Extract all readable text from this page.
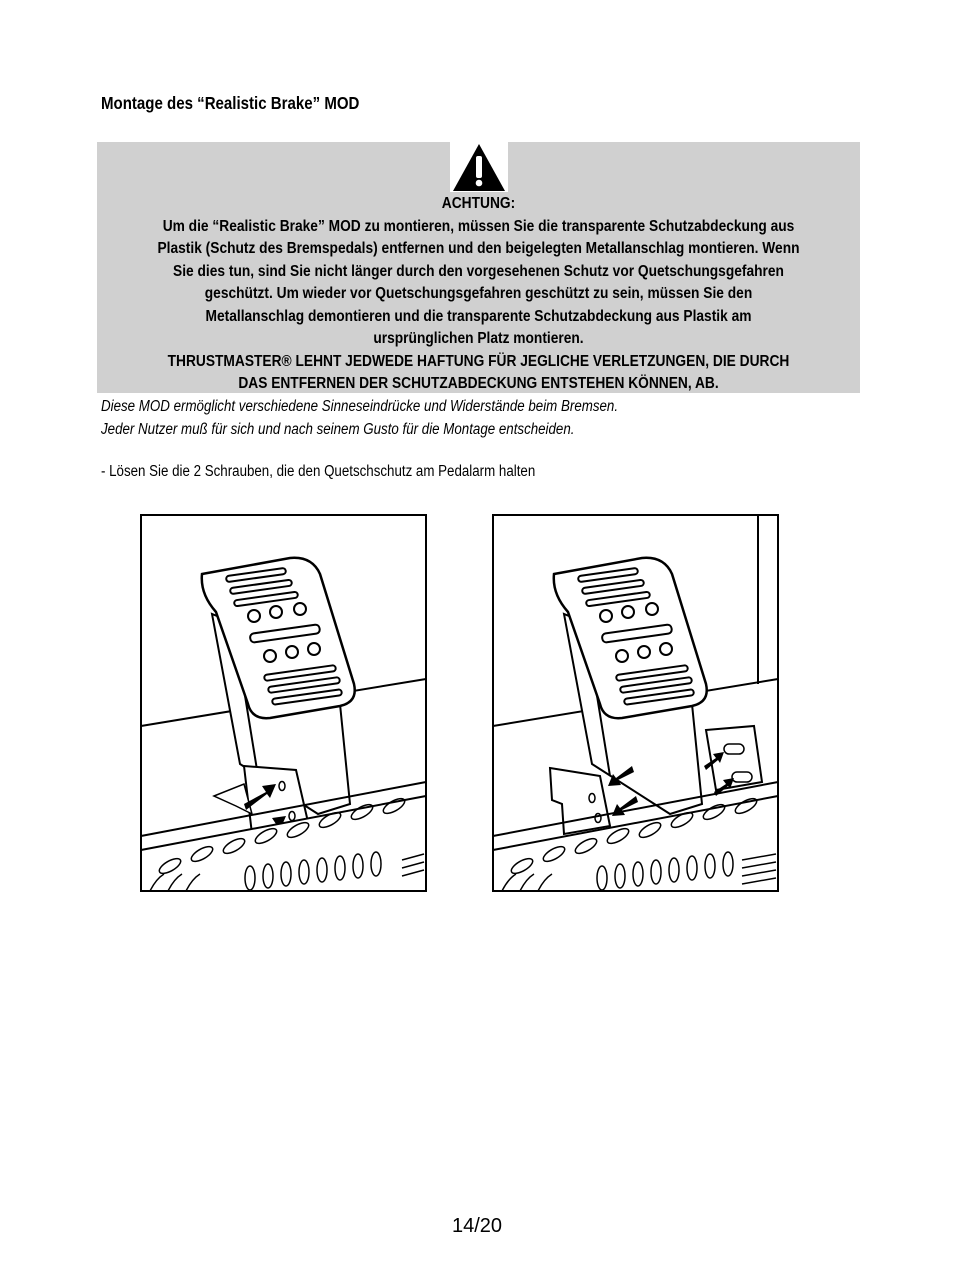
Montage des “Realistic Brake” MOD
ACHTUNG:
Um die “Realistic Brake” MOD zu montieren, müssen Sie die transparente Schutzabdeckung aus
Plastik (Schutz des Bremspedals) entfernen und den beigelegten Metallanschlag montieren. Wenn
Sie dies tun, sind Sie nicht länger durch den vorgesehenen Schutz vor Quetschungsgefahren
geschützt. Um wieder vor Quetschungsgefahren geschützt zu sein, müssen Sie den
Metallanschlag demontieren und die transparente Schutzabdeckung aus Plastik am
ursprünglichen Platz montieren.
THRUSTMASTER® LEHNT JEDWEDE HAFTUNG FÜR JEGLICHE VERLETZUNGEN, DIE DURCH
DAS ENTFERNEN DER SCHUTZABDECKUNG ENTSTEHEN KÖNNEN, AB.
Diese MOD ermöglicht verschiedene Sinneseindrücke und Widerstände beim Bremsen.
Jeder Nutzer muß für sich und nach seinem Gusto für die Montage entscheiden.
- Lösen Sie die 2 Schrauben, die den Quetschschutz am Pedalarm halten
14/20
